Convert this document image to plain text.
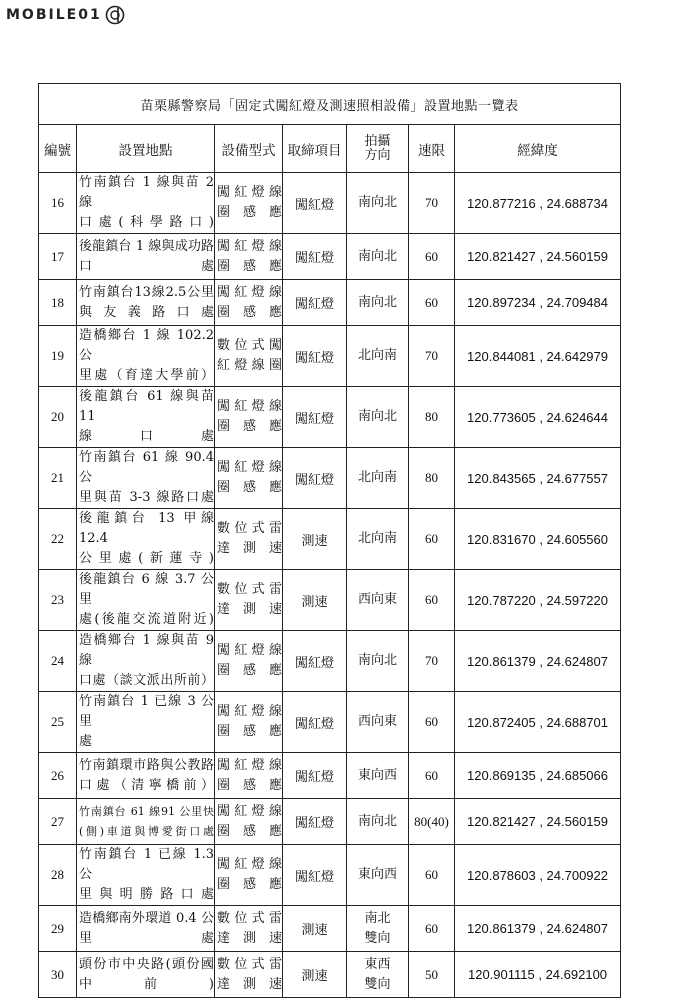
MOBILE01
苗栗縣警察局「固定式闖紅燈及測速照相設備」設置地點一覽表						
編號	設置地點	設備型式	取締項目	拍攝
方向	速限	經緯度
16	竹南鎮台 1 線與苗 2 線
口處(科學路口)	闖紅燈線
圈感應	闖紅燈	南向北	70	120.877216 , 24.688734
17	後龍鎮台 1 線與成功路
口處	闖紅燈線
圈感應	闖紅燈	南向北	60	120.821427 , 24.560159
18	竹南鎮台13線2.5公里
與友義路口處	闖紅燈線
圈感應	闖紅燈	南向北	60	120.897234 , 24.709484
19	造橋鄉台 1 線 102.2 公
里處（育達大學前）	數位式闖
紅燈線圈	闖紅燈	北向南	70	120.844081 , 24.642979
20	後龍鎮台 61 線與苗 11
線口處	闖紅燈線
圈感應	闖紅燈	南向北	80	120.773605 , 24.624644
21	竹南鎮台 61 線 90.4 公
里與苗 3-3 線路口處	闖紅燈線
圈感應	闖紅燈	北向南	80	120.843565 , 24.677557
22	後龍鎮台 13 甲線 12.4
公里處(新蓮寺)	數位式雷
達測速	測速	北向南	60	120.831670 , 24.605560
23	後龍鎮台 6 線 3.7 公里
處(後龍交流道附近)	數位式雷
達測速	測速	西向東	60	120.787220 , 24.597220
24	造橋鄉台 1 線與苗 9 線
口處（談文派出所前）	闖紅燈線
圈感應	闖紅燈	南向北	70	120.861379 , 24.624807
25	竹南鎮台 1 已線 3 公里
處	闖紅燈線
圈感應	闖紅燈	西向東	60	120.872405 , 24.688701
26	竹南鎮環市路與公教路
口處（清寧橋前）	闖紅燈線
圈感應	闖紅燈	東向西	60	120.869135 , 24.685066
27	竹南鎮台 61 線91 公里快
(側)車道與博愛街口處	闖紅燈線
圈感應	闖紅燈	南向北	80(40)	120.821427 , 24.560159
28	竹南鎮台 1 已線 1.3 公
里與明勝路口處	闖紅燈線
圈感應	闖紅燈	東向西	60	120.878603 , 24.700922
29	造橋鄉南外環道 0.4 公
里處	數位式雷
達測速	測速	南北
雙向	60	120.861379 , 24.624807
30	頭份市中央路(頭份國
中前)	數位式雷
達測速	測速	東西
雙向	50	120.901115 , 24.692100
